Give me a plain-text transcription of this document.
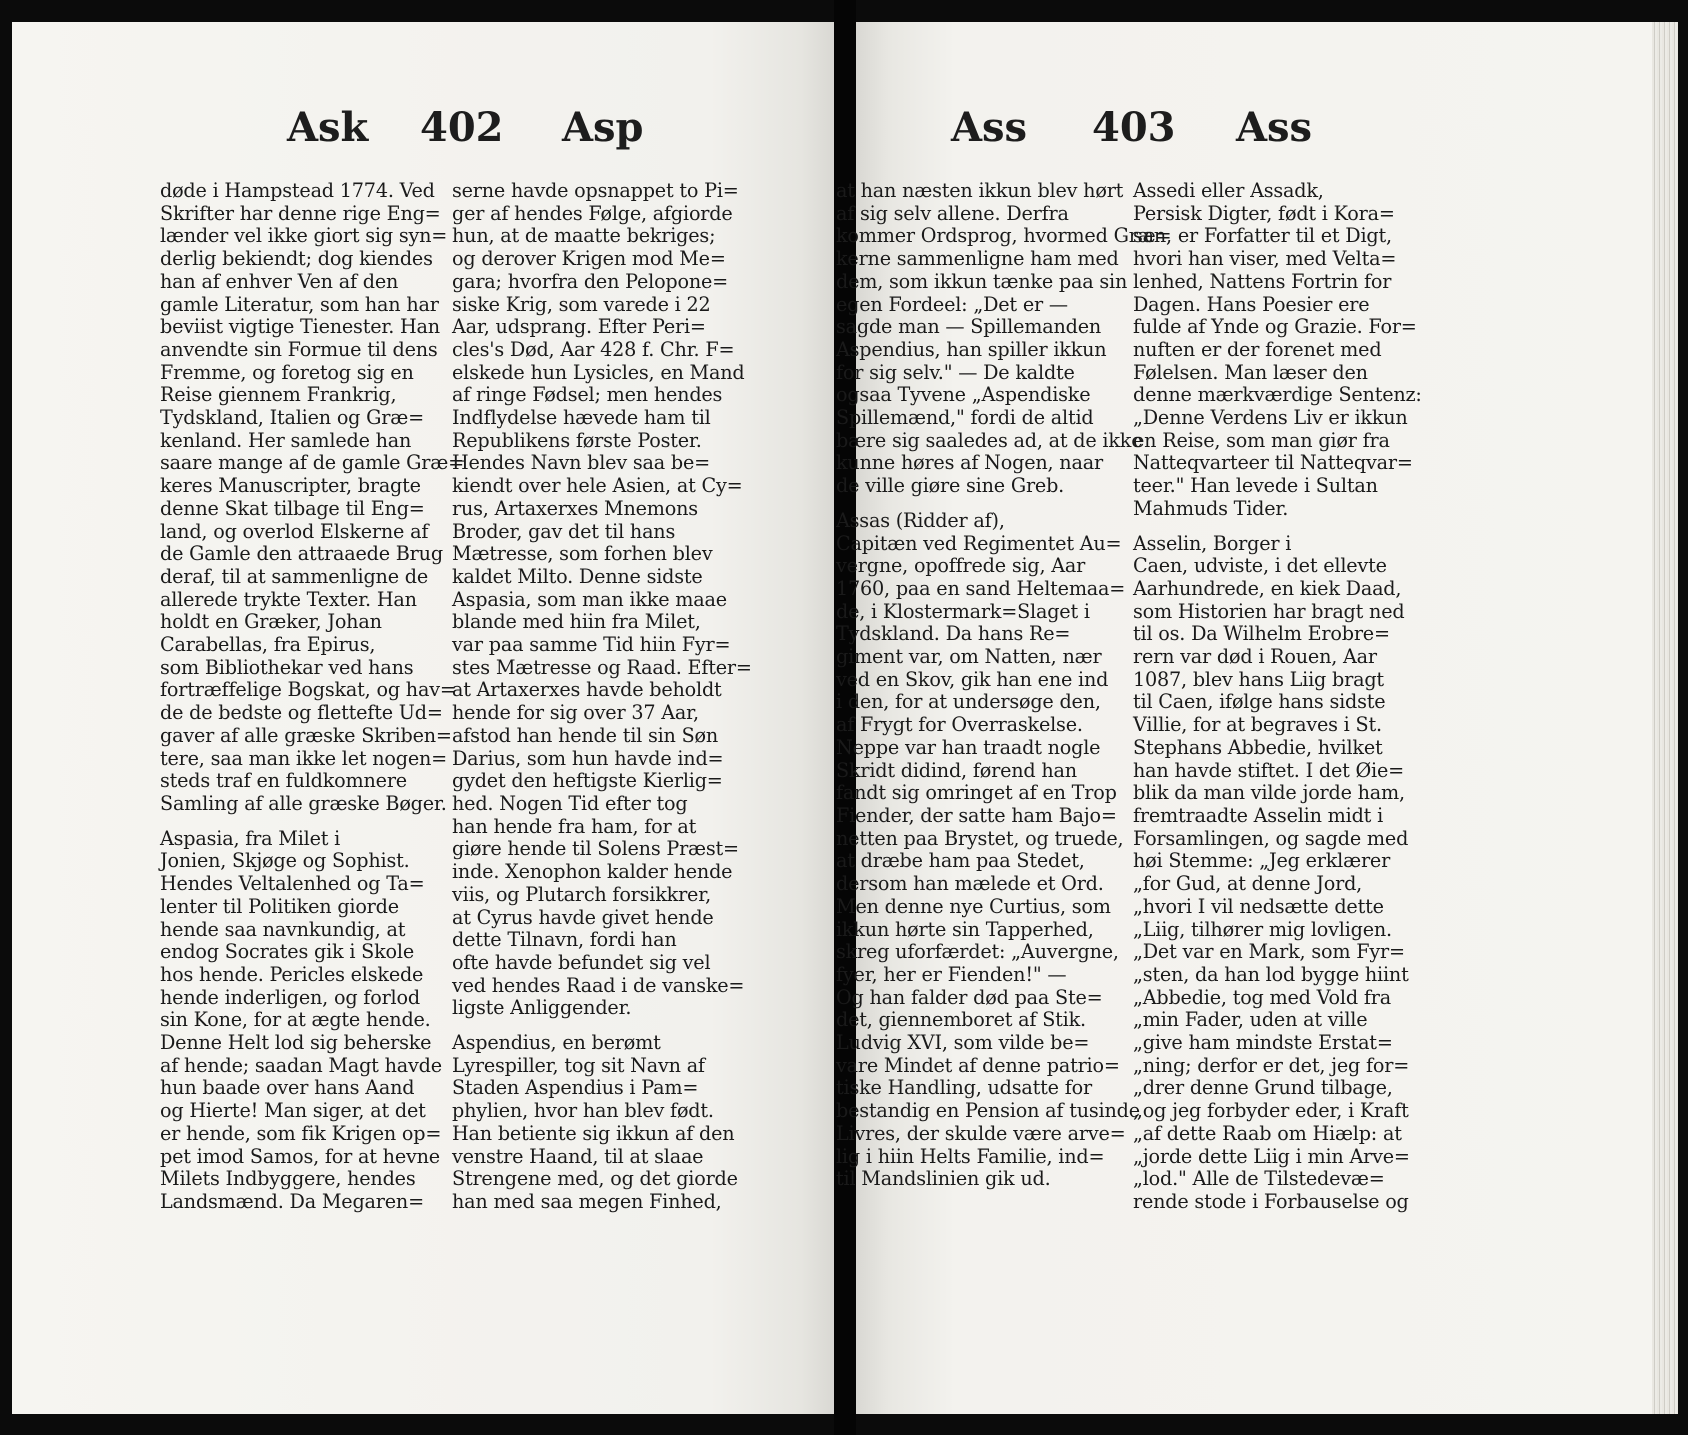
Ask 402 Asp
døde i Hampstead 1774. Ved
Skrifter har denne rige Eng=
lænder vel ikke giort sig syn=
derlig bekiendt; dog kiendes
han af enhver Ven af den
gamle Literatur, som han har
beviist vigtige Tienester. Han
anvendte sin Formue til dens
Fremme, og foretog sig en
Reise giennem Frankrig,
Tydskland, Italien og Græ=
kenland. Her samlede han
saare mange af de gamle Græ=
keres Manuscripter, bragte
denne Skat tilbage til Eng=
land, og overlod Elskerne af
de Gamle den attraaede Brug
deraf, til at sammenligne de
allerede trykte Texter. Han
holdt en Græker, Johan
Carabellas, fra Epirus,
som Bibliothekar ved hans
fortræffelige Bogskat, og hav=
de de bedste og flettefte Ud=
gaver af alle græske Skriben=
tere, saa man ikke let nogen=
steds traf en fuldkomnere
Samling af alle græske Bøger.
Aspasia, fra Milet i
Jonien, Skjøge og Sophist.
Hendes Veltalenhed og Ta=
lenter til Politiken giorde
hende saa navnkundig, at
endog Socrates gik i Skole
hos hende. Pericles elskede
hende inderligen, og forlod
sin Kone, for at ægte hende.
Denne Helt lod sig beherske
af hende; saadan Magt havde
hun baade over hans Aand
og Hierte! Man siger, at det
er hende, som fik Krigen op=
pet imod Samos, for at hevne
Milets Indbyggere, hendes
Landsmænd. Da Megaren=
serne havde opsnappet to Pi=
ger af hendes Følge, afgiorde
hun, at de maatte bekriges;
og derover Krigen mod Me=
gara; hvorfra den Pelopone=
siske Krig, som varede i 22
Aar, udsprang. Efter Peri=
cles's Død, Aar 428 f. Chr. F=
elskede hun Lysicles, en Mand
af ringe Fødsel; men hendes
Indflydelse hævede ham til
Republikens første Poster.
Hendes Navn blev saa be=
kiendt over hele Asien, at Cy=
rus, Artaxerxes Mnemons
Broder, gav det til hans
Mætresse, som forhen blev
kaldet Milto. Denne sidste
Aspasia, som man ikke maae
blande med hiin fra Milet,
var paa samme Tid hiin Fyr=
stes Mætresse og Raad. Efter=
at Artaxerxes havde beholdt
hende for sig over 37 Aar,
afstod han hende til sin Søn
Darius, som hun havde ind=
gydet den heftigste Kierlig=
hed. Nogen Tid efter tog
han hende fra ham, for at
giøre hende til Solens Præst=
inde. Xenophon kalder hende
viis, og Plutarch forsikkrer,
at Cyrus havde givet hende
dette Tilnavn, fordi han
ofte havde befundet sig vel
ved hendes Raad i de vanske=
ligste Anliggender.
Aspendius, en berømt
Lyrespiller, tog sit Navn af
Staden Aspendius i Pam=
phylien, hvor han blev født.
Han betiente sig ikkun af den
venstre Haand, til at slaae
Strengene med, og det giorde
han med saa megen Finhed,
Ass 403 Ass
at han næsten ikkun blev hørt
af sig selv allene. Derfra
kommer Ordsprog, hvormed Græ=
kerne sammenligne ham med
dem, som ikkun tænke paa sin
egen Fordeel: „Det er —
sagde man — Spillemanden
Aspendius, han spiller ikkun
for sig selv." — De kaldte
ogsaa Tyvene „Aspendiske
Spillemænd," fordi de altid
bære sig saaledes ad, at de ikke
kunne høres af Nogen, naar
de ville giøre sine Greb.
Assas (Ridder af),
Capitæn ved Regimentet Au=
vergne, opoffrede sig, Aar
1760, paa en sand Heltemaa=
de, i Klostermark=Slaget i
Tydskland. Da hans Re=
giment var, om Natten, nær
ved en Skov, gik han ene ind
i den, for at undersøge den,
af Frygt for Overraskelse.
Neppe var han traadt nogle
Skridt didind, førend han
fandt sig omringet af en Trop
Fiender, der satte ham Bajo=
netten paa Brystet, og truede,
at dræbe ham paa Stedet,
dersom han mælede et Ord.
Men denne nye Curtius, som
ikkun hørte sin Tapperhed,
skreg uforfærdet: „Auvergne,
fyer, her er Fienden!" —
Og han falder død paa Ste=
det, giennemboret af Stik.
Ludvig XVI, som vilde be=
vare Mindet af denne patrio=
tiske Handling, udsatte for
bestandig en Pension af tusinde
Livres, der skulde være arve=
lig i hiin Helts Familie, ind=
til Mandslinien gik ud.
Assedi eller Assadk,
Persisk Digter, født i Kora=
san, er Forfatter til et Digt,
hvori han viser, med Velta=
lenhed, Nattens Fortrin for
Dagen. Hans Poesier ere
fulde af Ynde og Grazie. For=
nuften er der forenet med
Følelsen. Man læser den
denne mærkværdige Sentenz:
„Denne Verdens Liv er ikkun
en Reise, som man giør fra
Natteqvarteer til Natteqvar=
teer." Han levede i Sultan
Mahmuds Tider.
Asselin, Borger i
Caen, udviste, i det ellevte
Aarhundrede, en kiek Daad,
som Historien har bragt ned
til os. Da Wilhelm Erobre=
rern var død i Rouen, Aar
1087, blev hans Liig bragt
til Caen, ifølge hans sidste
Villie, for at begraves i St.
Stephans Abbedie, hvilket
han havde stiftet. I det Øie=
blik da man vilde jorde ham,
fremtraadte Asselin midt i
Forsamlingen, og sagde med
høi Stemme: „Jeg erklærer
„for Gud, at denne Jord,
„hvori I vil nedsætte dette
„Liig, tilhører mig lovligen.
„Det var en Mark, som Fyr=
„sten, da han lod bygge hiint
„Abbedie, tog med Vold fra
„min Fader, uden at ville
„give ham mindste Erstat=
„ning; derfor er det, jeg for=
„drer denne Grund tilbage,
„og jeg forbyder eder, i Kraft
„af dette Raab om Hiælp: at
„jorde dette Liig i min Arve=
„lod." Alle de Tilstedevæ=
rende stode i Forbauselse og
